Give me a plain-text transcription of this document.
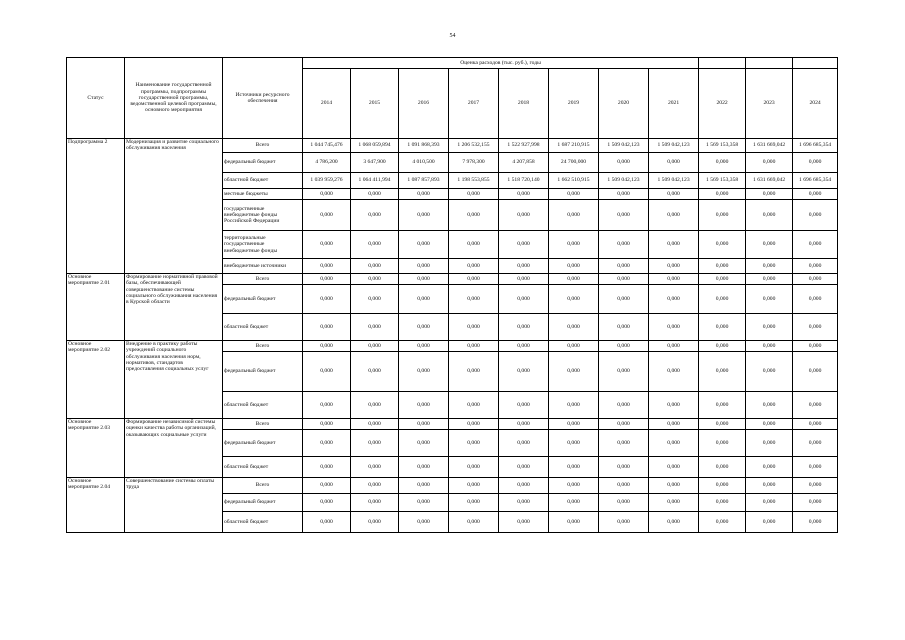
54
Статус	Наименование государственной программы, подпрограммы государственной программы, ведомственной целевой программы, основного мероприятия	Источники ресурсного обеспечения	Оценка расходов (тыс. руб.), годы										
			2014	2015	2016	2017	2018	2019	2020	2021	2022	2023	2024
Подпрограмма 2	Модернизация и развитие социального обслуживания населения	Всего	1 044 745,476	1 068 059,894	1 091 868,393	1 206 532,155	1 522 927,998	1 687 210,915	1 509 042,123	1 509 042,123	1 569 153,358	1 631 669,042	1 696 685,354
		федеральный бюджет	4 786,200	3 647,900	4 010,500	7 978,300	4 207,858	24 700,000	0,000	0,000	0,000	0,000	0,000
		областной бюджет	1 039 959,276	1 064 411,994	1 087 857,893	1 198 553,855	1 518 720,140	1 662 510,915	1 509 042,123	1 509 042,123	1 569 153,358	1 631 669,042	1 696 685,354
		местные бюджеты	0,000	0,000	0,000	0,000	0,000	0,000	0,000	0,000	0,000	0,000	0,000
		государственные внебюджетные фонды Российской Федерации	0,000	0,000	0,000	0,000	0,000	0,000	0,000	0,000	0,000	0,000	0,000
		территориальные государственные внебюджетные фонды	0,000	0,000	0,000	0,000	0,000	0,000	0,000	0,000	0,000	0,000	0,000
		внебюджетные источники	0,000	0,000	0,000	0,000	0,000	0,000	0,000	0,000	0,000	0,000	0,000
Основное мероприятие 2.01	Формирование нормативной правовой базы, обеспечивающей совершенствование системы социального обслуживания населения в Курской области	Всего	0,000	0,000	0,000	0,000	0,000	0,000	0,000	0,000	0,000	0,000	0,000
		федеральный бюджет	0,000	0,000	0,000	0,000	0,000	0,000	0,000	0,000	0,000	0,000	0,000
		областной бюджет	0,000	0,000	0,000	0,000	0,000	0,000	0,000	0,000	0,000	0,000	0,000
Основное мероприятие 2.02	Внедрение в практику работы учреждений социального обслуживания населения норм, нормативов, стандартов предоставления социальных услуг	Всего	0,000	0,000	0,000	0,000	0,000	0,000	0,000	0,000	0,000	0,000	0,000
		федеральный бюджет	0,000	0,000	0,000	0,000	0,000	0,000	0,000	0,000	0,000	0,000	0,000
		областной бюджет	0,000	0,000	0,000	0,000	0,000	0,000	0,000	0,000	0,000	0,000	0,000
Основное мероприятие 2.03	Формирование независимой системы оценки качества работы организаций, оказывающих социальные услуги	Всего	0,000	0,000	0,000	0,000	0,000	0,000	0,000	0,000	0,000	0,000	0,000
		федеральный бюджет	0,000	0,000	0,000	0,000	0,000	0,000	0,000	0,000	0,000	0,000	0,000
		областной бюджет	0,000	0,000	0,000	0,000	0,000	0,000	0,000	0,000	0,000	0,000	0,000
Основное мероприятие 2.04	Совершенствование системы оплаты труда	Всего	0,000	0,000	0,000	0,000	0,000	0,000	0,000	0,000	0,000	0,000	0,000
		федеральный бюджет	0,000	0,000	0,000	0,000	0,000	0,000	0,000	0,000	0,000	0,000	0,000
		областной бюджет	0,000	0,000	0,000	0,000	0,000	0,000	0,000	0,000	0,000	0,000	0,000
